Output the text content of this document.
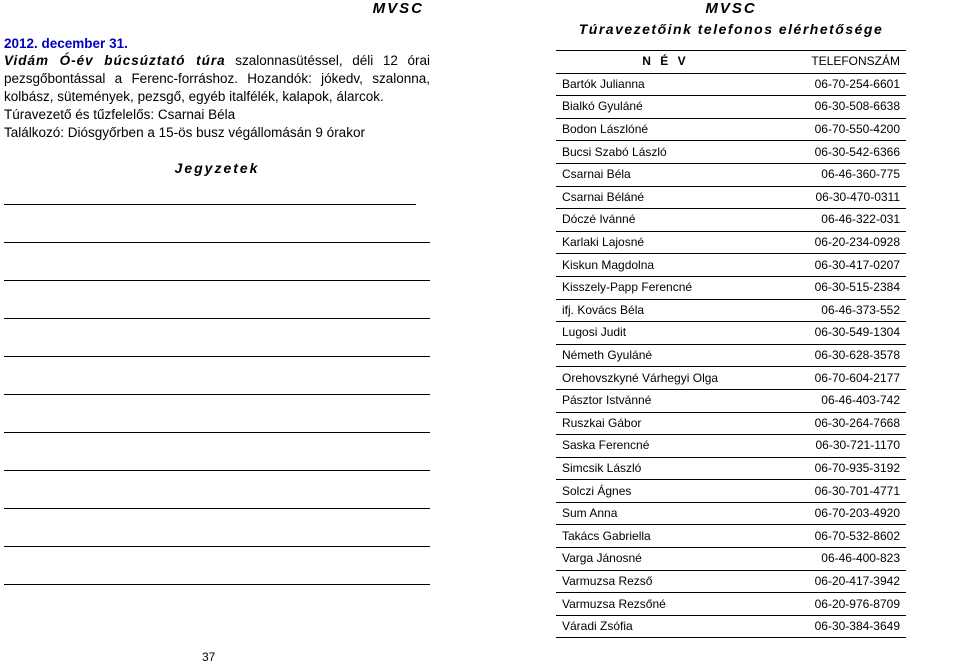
MVSC
2012. december 31.
Vidám Ó-év búcsúztató túra szalonnasütéssel, déli 12 órai pezsgőbontással a Ferenc-forráshoz. Hozandók: jókedv, szalonna, kolbász, sütemények, pezsgő, egyéb italfélék, kalapok, álarcok.
Túravezető és tűzfelelős: Csarnai Béla
Találkozó: Diósgyőrben a 15-ös busz végállomásán 9 órakor
Jegyzetek
37
MVSC
Túravezetőink telefonos elérhetősége
N É V	TELEFONSZÁM
Bartók Julianna	06-70-254-6601
Bialkó Gyuláné	06-30-508-6638
Bodon Lászlóné	06-70-550-4200
Bucsi Szabó László	06-30-542-6366
Csarnai Béla	06-46-360-775
Csarnai Béláné	06-30-470-0311
Dóczé Ivánné	06-46-322-031
Karlaki Lajosné	06-20-234-0928
Kiskun Magdolna	06-30-417-0207
Kisszely-Papp Ferencné	06-30-515-2384
ifj. Kovács Béla	06-46-373-552
Lugosi Judit	06-30-549-1304
Németh Gyuláné	06-30-628-3578
Orehovszkyné Várhegyi Olga	06-70-604-2177
Pásztor Istvánné	06-46-403-742
Ruszkai Gábor	06-30-264-7668
Saska Ferencné	06-30-721-1170
Simcsik László	06-70-935-3192
Solczi Ágnes	06-30-701-4771
Sum Anna	06-70-203-4920
Takács Gabriella	06-70-532-8602
Varga Jánosné	06-46-400-823
Varmuzsa Rezső	06-20-417-3942
Varmuzsa Rezsőné	06-20-976-8709
Váradi Zsófia	06-30-384-3649
